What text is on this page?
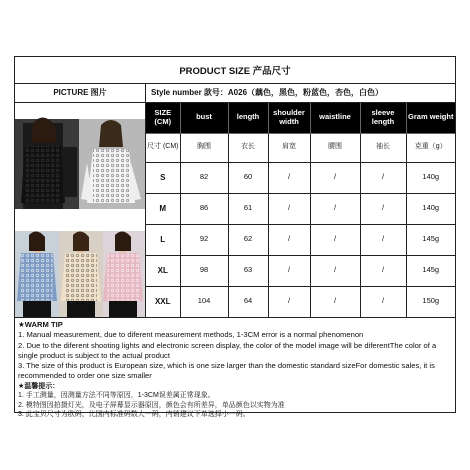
PRODUCT SIZE 产品尺寸
PICTURE 图片	Style number 款号：A026（藕色，黑色，粉蓝色，杏色，白色）
SIZE (CM)	bust	length	shoulder width	waistline	sleeve length	Gram weight
尺寸 (CM)	胸围	衣长	肩宽	腰围	袖长	克重（g）
S	82	60	/	/	/	140g
M	86	61	/	/	/	140g
L	92	62	/	/	/	145g
XL	98	63	/	/	/	145g
XXL	104	64	/	/	/	150g
★WARM TIP
1. Manual measurement, due to diferent measurement methods, 1-3CM error is a normal phenomenon
2. Due to the diferent shooting lights and electronic screen display, the color of the model image will be diferentThe color of a single product is subject to the actual product
3. The size of this product is European size, which is one size larger than the domestic standard sizeFor domestic sales, it is recommended to order one size smaller
★温馨提示：
1. 手工测量，因测量方法不同等原因，1-3CM误差属正常现象。
2. 模特图因拍摄灯光，及电子屏幕显示器原因，颜色会有所差异，单品颜色以实物为准
3. 此宝贝尺寸为欧码，比国内标准码数大一码，内销建议下单选择小一码。
